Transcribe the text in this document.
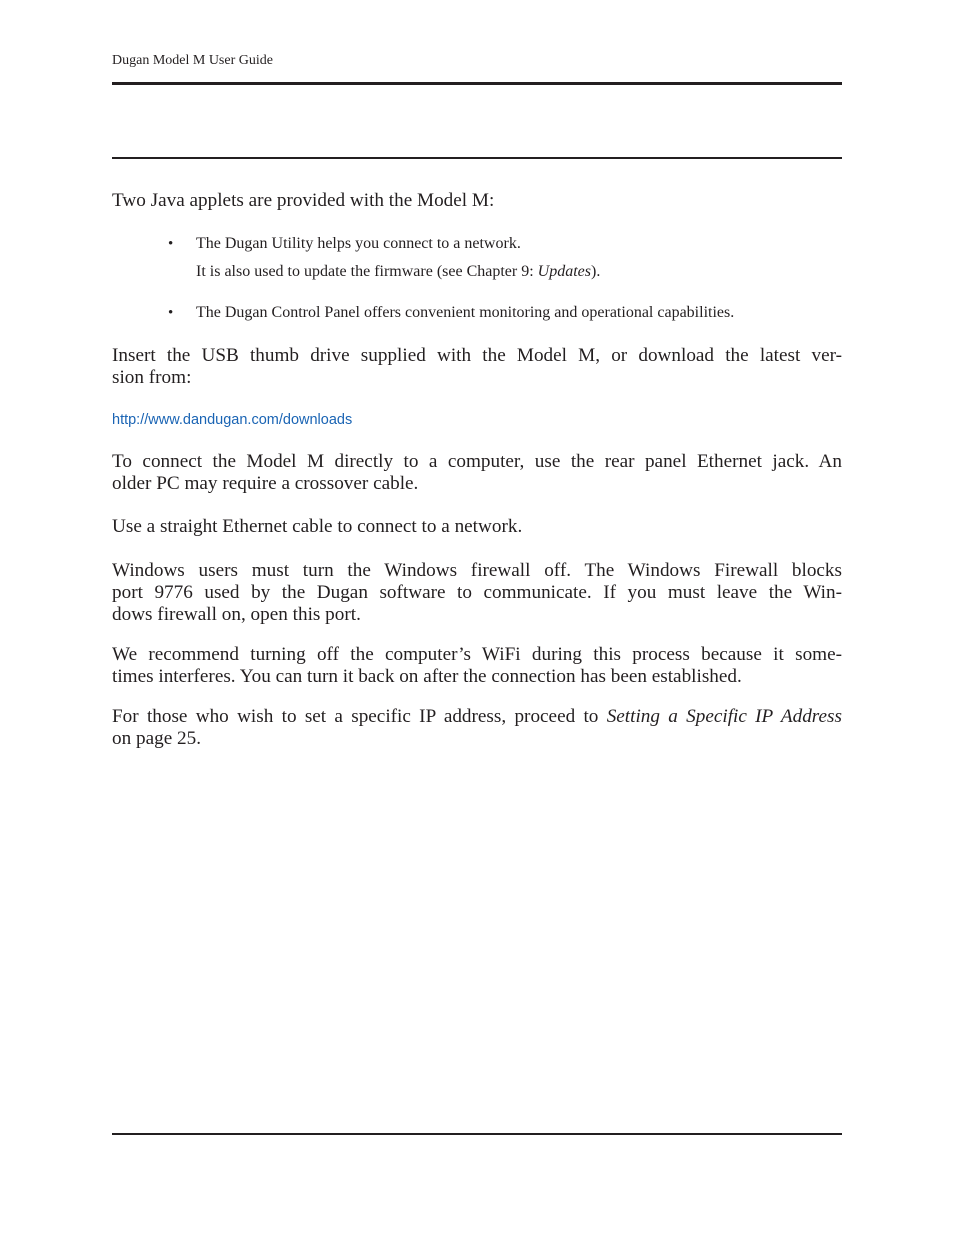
Dugan Model M User Guide

Two Java applets are provided with the Model M:

• The Dugan Utility helps you connect to a network.
It is also used to update the firmware (see Chapter 9: Updates).
• The Dugan Control Panel offers convenient monitoring and operational capabilities.

Insert the USB thumb drive supplied with the Model M, or download the latest ver-
sion from:

http://www.dandugan.com/downloads

To connect the Model M directly to a computer, use the rear panel Ethernet jack. An
older PC may require a crossover cable.

Use a straight Ethernet cable to connect to a network.

Windows users must turn the Windows firewall off. The Windows Firewall blocks
port 9776 used by the Dugan software to communicate. If you must leave the Win-
dows firewall on, open this port.

We recommend turning off the computer’s WiFi during this process because it some-
times interferes. You can turn it back on after the connection has been established.

For those who wish to set a specific IP address, proceed to Setting a Specific IP Address
on page 25.
